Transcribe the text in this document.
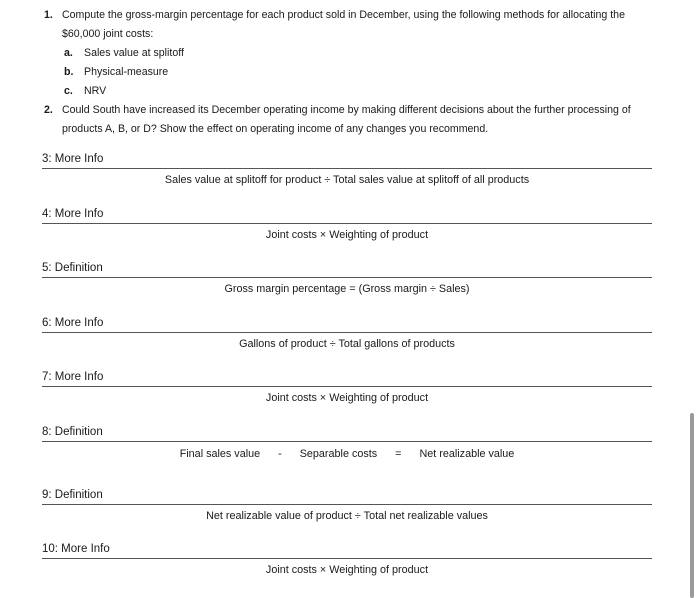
1. Compute the gross-margin percentage for each product sold in December, using the following methods for allocating the $60,000 joint costs:
a.	Sales value at splitoff
b. Physical-measure
c.	NRV
2. Could South have increased its December operating income by making different decisions about the further processing of products A, B, or D? Show the effect on operating income of any changes you recommend.
3: More Info
Sales value at splitoff for product ÷ Total sales value at splitoff of all products
4: More Info
Joint costs × Weighting of product
5: Definition
Gross margin percentage = (Gross margin ÷ Sales)
6: More Info
Gallons of product ÷ Total gallons of products
7: More Info
Joint costs × Weighting of product
8: Definition
Final sales value - Separable costs = Net realizable value
9: Definition
Net realizable value of product ÷ Total net realizable values
10: More Info
Joint costs × Weighting of product
